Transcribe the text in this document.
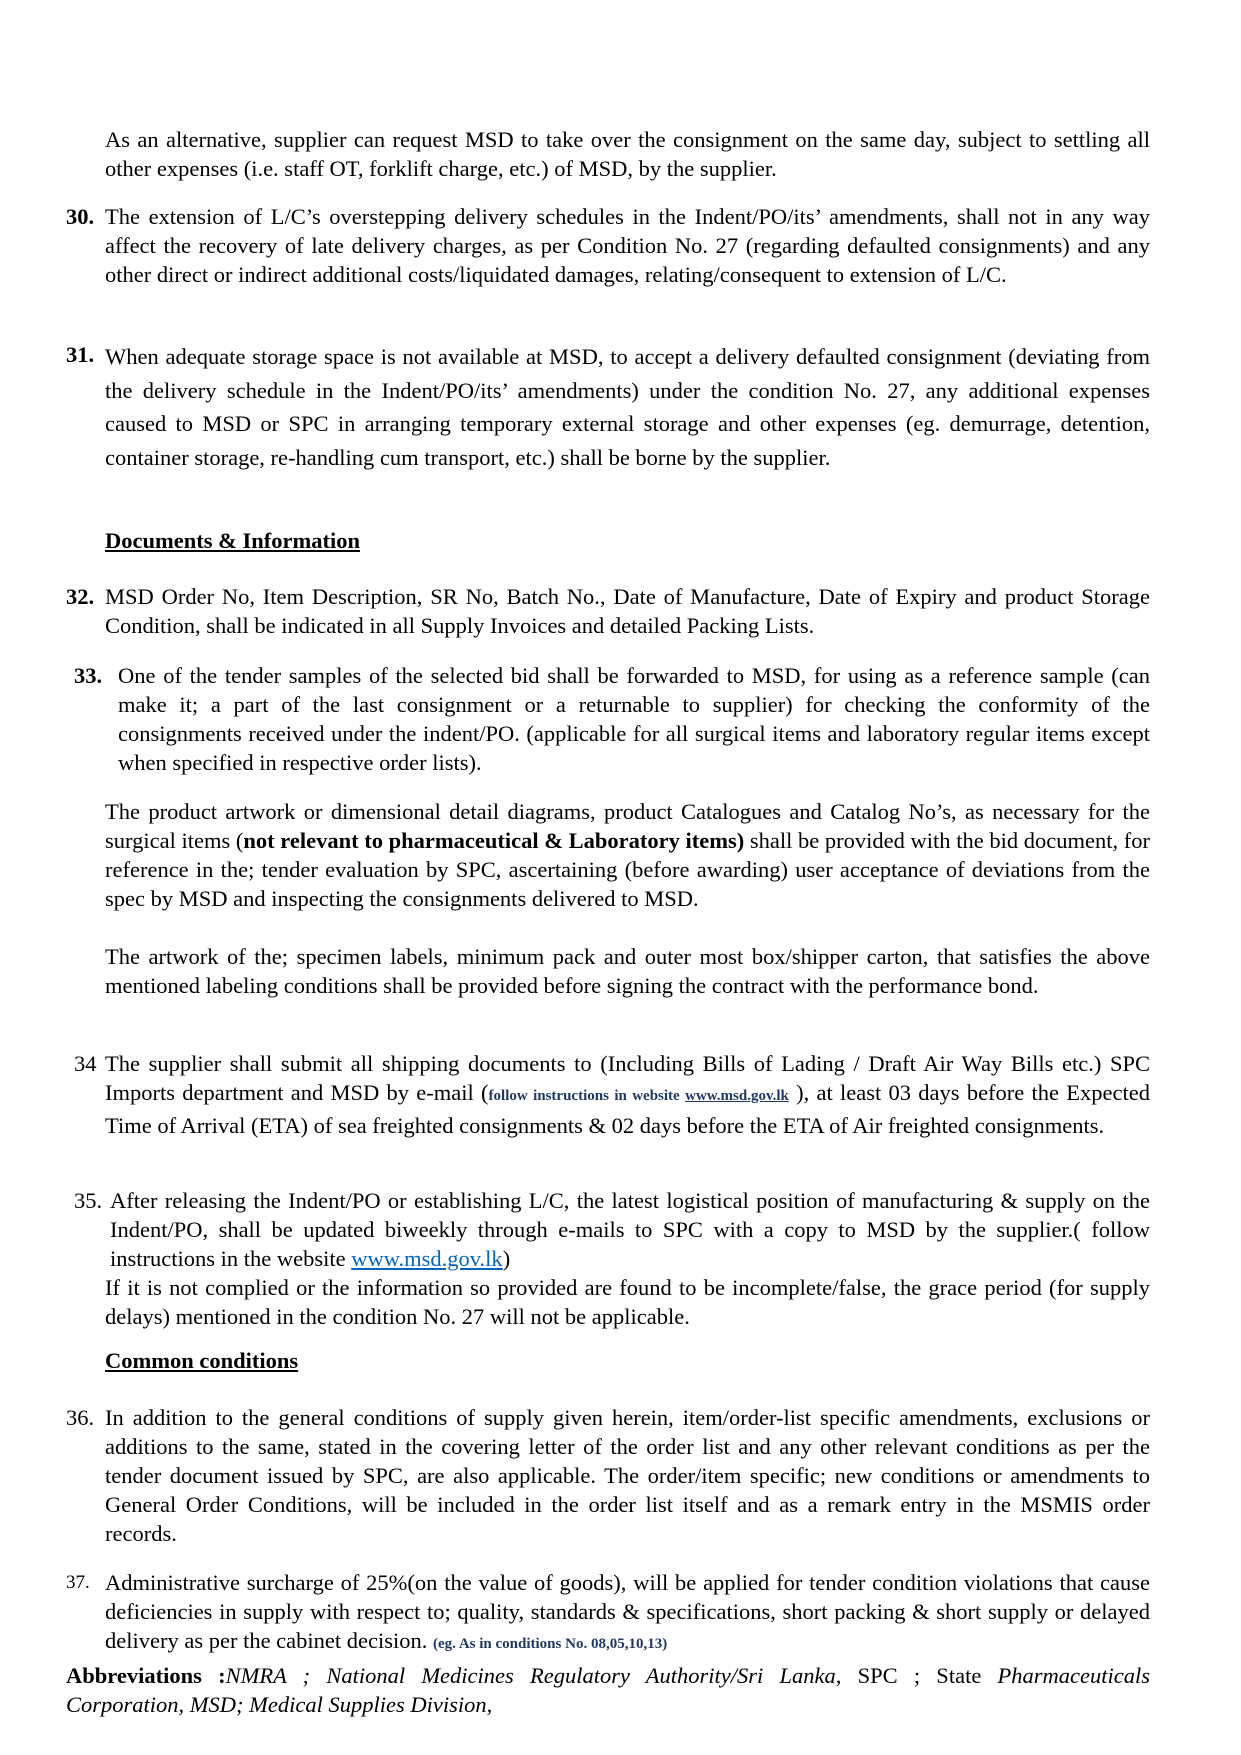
As an alternative, supplier can request MSD to take over the consignment on the same day, subject to settling all other expenses (i.e. staff OT, forklift charge, etc.) of MSD, by the supplier.

30. The extension of L/C’s overstepping delivery schedules in the Indent/PO/its’ amendments, shall not in any way affect the recovery of late delivery charges, as per Condition No. 27 (regarding defaulted consignments) and any other direct or indirect additional costs/liquidated damages, relating/consequent to extension of L/C.

31. When adequate storage space is not available at MSD, to accept a delivery defaulted consignment (deviating from the delivery schedule in the Indent/PO/its’ amendments) under the condition No. 27, any additional expenses caused to MSD or SPC in arranging temporary external storage and other expenses (eg. demurrage, detention, container storage, re-handling cum transport, etc.) shall be borne by the supplier.

Documents & Information

32. MSD Order No, Item Description, SR No, Batch No., Date of Manufacture, Date of Expiry and product Storage Condition, shall be indicated in all Supply Invoices and detailed Packing Lists.

33. One of the tender samples of the selected bid shall be forwarded to MSD, for using as a reference sample (can make it; a part of the last consignment or a returnable to supplier) for checking the conformity of the consignments received under the indent/PO. (applicable for all surgical items and laboratory regular items except when specified in respective order lists).

The product artwork or dimensional detail diagrams, product Catalogues and Catalog No’s, as necessary for the surgical items (not relevant to pharmaceutical & Laboratory items) shall be provided with the bid document, for reference in the; tender evaluation by SPC, ascertaining (before awarding) user acceptance of deviations from the spec by MSD and inspecting the consignments delivered to MSD.

The artwork of the; specimen labels, minimum pack and outer most box/shipper carton, that satisfies the above mentioned labeling conditions shall be provided before signing the contract with the performance bond.

34 The supplier shall submit all shipping documents to (Including Bills of Lading / Draft Air Way Bills etc.) SPC Imports department and MSD by e-mail (follow instructions in website www.msd.gov.lk ), at least 03 days before the Expected Time of Arrival (ETA) of sea freighted consignments & 02 days before the ETA of Air freighted consignments.

35. After releasing the Indent/PO or establishing L/C, the latest logistical position of manufacturing & supply on the Indent/PO, shall be updated biweekly through e-mails to SPC with a copy to MSD by the supplier.( follow instructions in the website www.msd.gov.lk)

If it is not complied or the information so provided are found to be incomplete/false, the grace period (for supply delays) mentioned in the condition No. 27 will not be applicable.

Common conditions

36. In addition to the general conditions of supply given herein, item/order-list specific amendments, exclusions or additions to the same, stated in the covering letter of the order list and any other relevant conditions as per the tender document issued by SPC, are also applicable. The order/item specific; new conditions or amendments to General Order Conditions, will be included in the order list itself and as a remark entry in the MSMIS order records.

37. Administrative surcharge of 25%(on the value of goods), will be applied for tender condition violations that cause deficiencies in supply with respect to; quality, standards & specifications, short packing & short supply or delayed delivery as per the cabinet decision. (eg. As in conditions No. 08,05,10,13)

Abbreviations :NMRA ; National Medicines Regulatory Authority/Sri Lanka, SPC ; State Pharmaceuticals Corporation, MSD; Medical Supplies Division,
